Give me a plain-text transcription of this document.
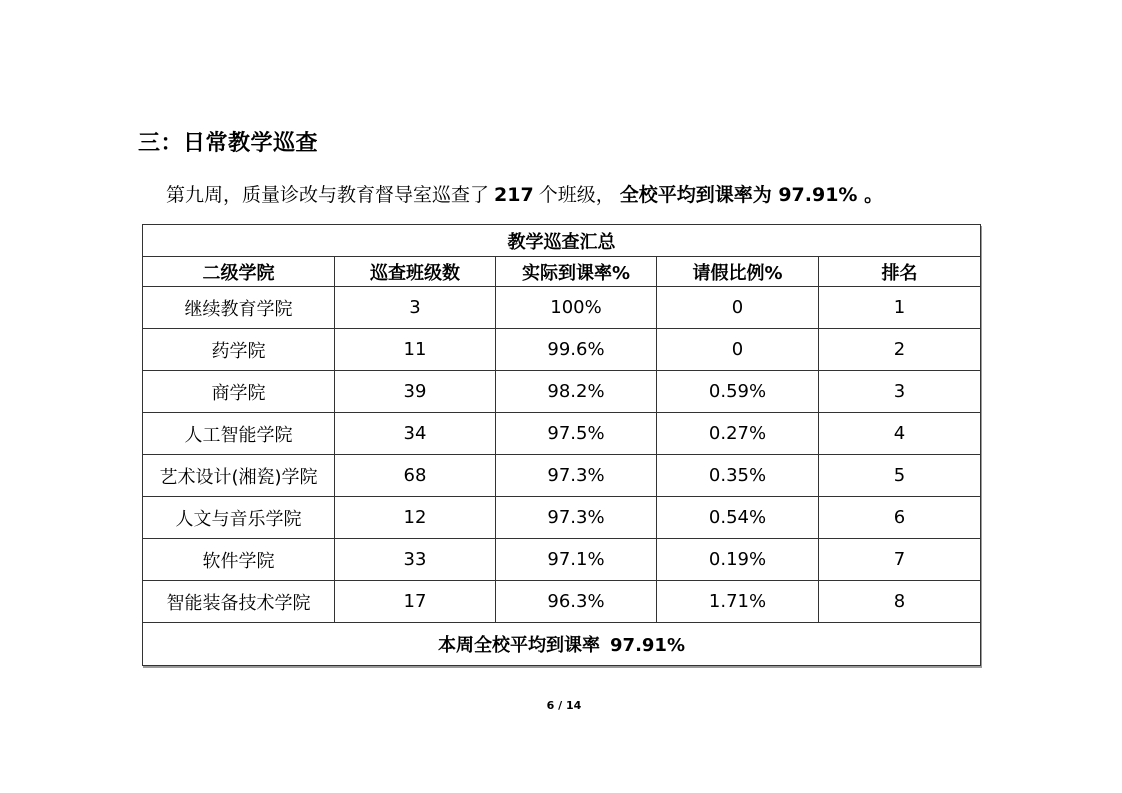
三：日常教学巡查
第九周，质量诊改与教育督导室巡查了 217 个班级， 全校平均到课率为 97.91% 。
教学巡查汇总				
二级学院	巡查班级数	实际到课率%	请假比例%	排名
继续教育学院	3	100%	0	1
药学院	11	99.6%	0	2
商学院	39	98.2%	0.59%	3
人工智能学院	34	97.5%	0.27%	4
艺术设计(湘瓷)学院	68	97.3%	0.35%	5
人文与音乐学院	12	97.3%	0.54%	6
软件学院	33	97.1%	0.19%	7
智能装备技术学院	17	96.3%	1.71%	8
本周全校平均到课率 97.91%				
6 / 14
